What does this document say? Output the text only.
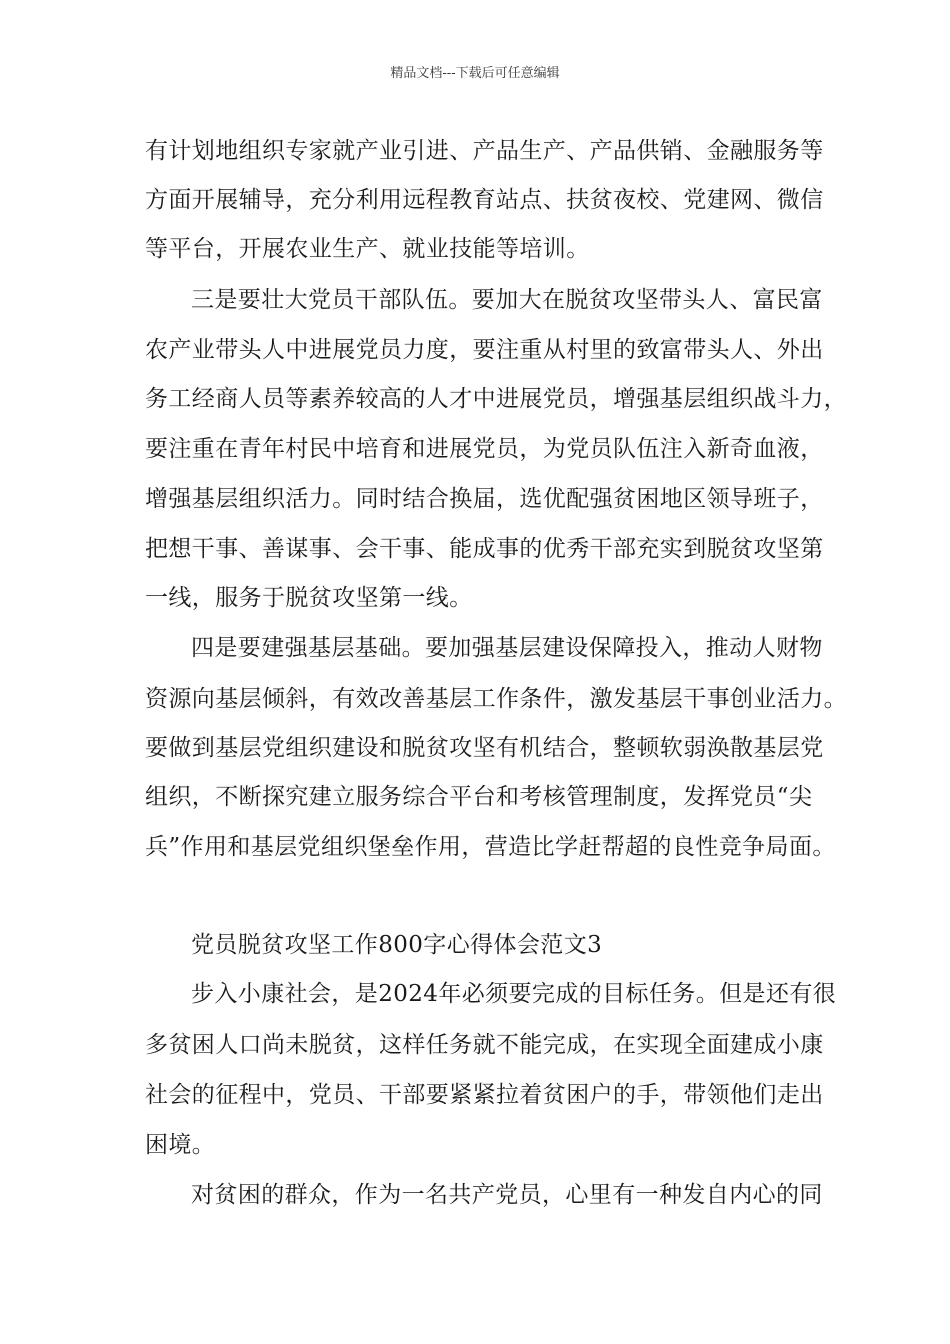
精品文档---下载后可任意编辑
有计划地组织专家就产业引进、产品生产、产品供销、金融服务等
方面开展辅导，充分利用远程教育站点、扶贫夜校、党建网、微信
等平台，开展农业生产、就业技能等培训。
三是要壮大党员干部队伍。要加大在脱贫攻坚带头人、富民富
农产业带头人中进展党员力度，要注重从村里的致富带头人、外出
务工经商人员等素养较高的人才中进展党员，增强基层组织战斗力，
要注重在青年村民中培育和进展党员，为党员队伍注入新奇血液，
增强基层组织活力。同时结合换届，选优配强贫困地区领导班子，
把想干事、善谋事、会干事、能成事的优秀干部充实到脱贫攻坚第
一线，服务于脱贫攻坚第一线。
四是要建强基层基础。要加强基层建设保障投入，推动人财物
资源向基层倾斜，有效改善基层工作条件，激发基层干事创业活力。
要做到基层党组织建设和脱贫攻坚有机结合，整顿软弱涣散基层党
组织，不断探究建立服务综合平台和考核管理制度，发挥党员“尖
兵”作用和基层党组织堡垒作用，营造比学赶帮超的良性竞争局面。
党员脱贫攻坚工作800字心得体会范文3
步入小康社会，是2024年必须要完成的目标任务。但是还有很
多贫困人口尚未脱贫，这样任务就不能完成，在实现全面建成小康
社会的征程中，党员、干部要紧紧拉着贫困户的手，带领他们走出
困境。
对贫困的群众，作为一名共产党员，心里有一种发自内心的同
